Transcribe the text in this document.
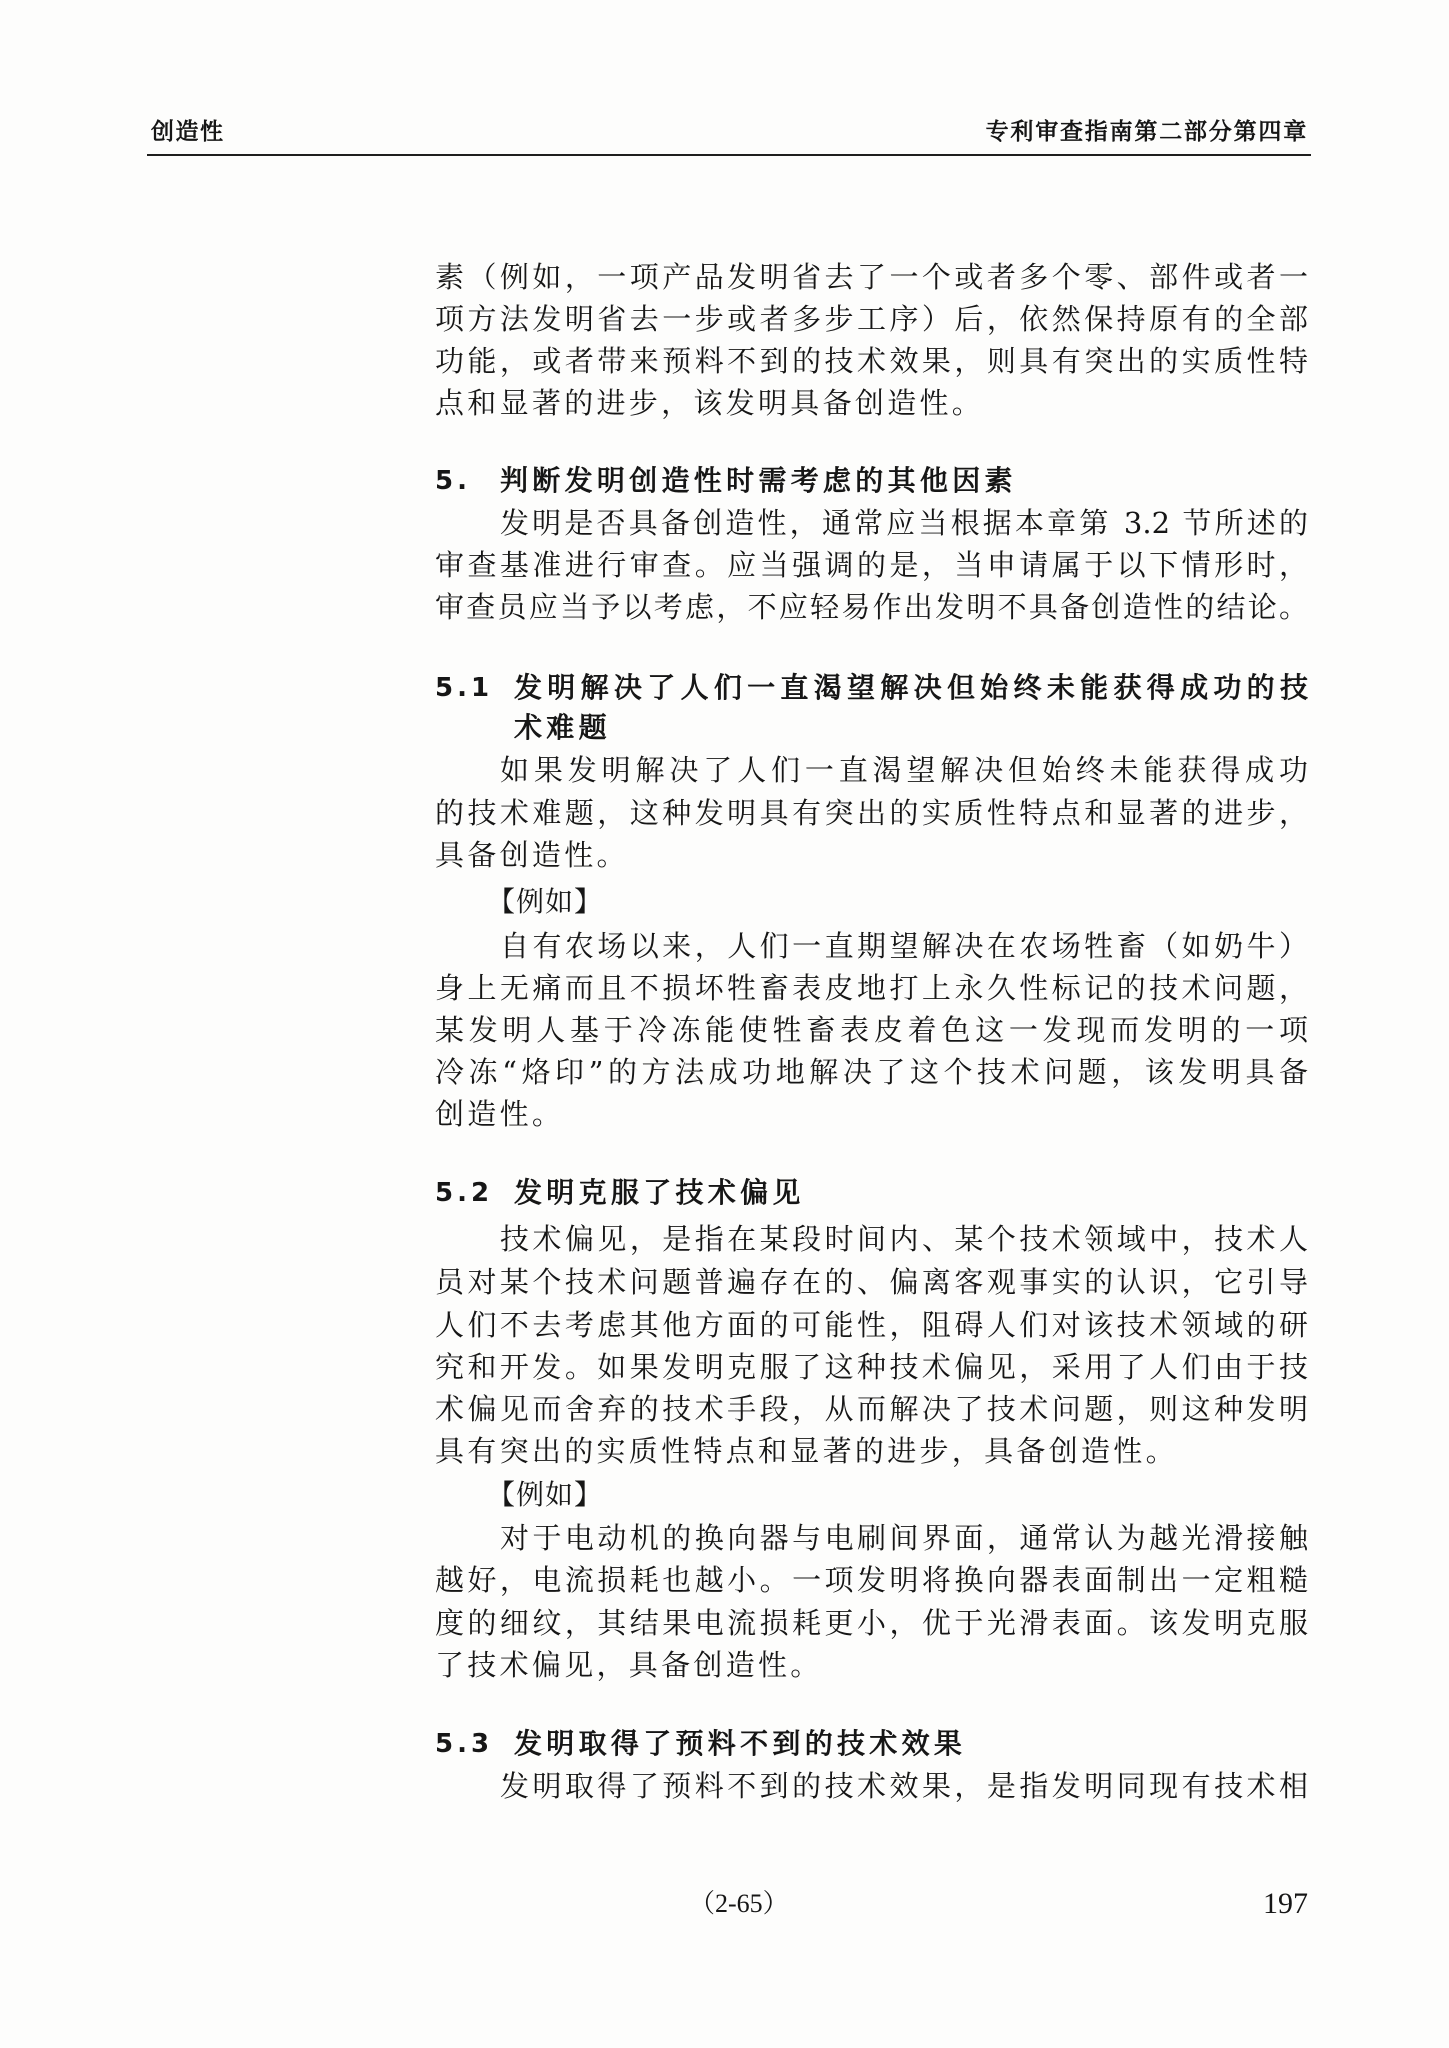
创造性	专利审查指南第二部分第四章
素（例如，一项产品发明省去了一个或者多个零、部件或者一
项方法发明省去一步或者多步工序）后，依然保持原有的全部
功能，或者带来预料不到的技术效果，则具有突出的实质性特
点和显著的进步，该发明具备创造性。
5. 判断发明创造性时需考虑的其他因素
发明是否具备创造性，通常应当根据本章第 3.2 节所述的
审查基准进行审查。应当强调的是，当申请属于以下情形时，
审查员应当予以考虑，不应轻易作出发明不具备创造性的结论。
5.1 发明解决了人们一直渴望解决但始终未能获得成功的技
术难题
如果发明解决了人们一直渴望解决但始终未能获得成功
的技术难题，这种发明具有突出的实质性特点和显著的进步，
具备创造性。
【例如】
自有农场以来，人们一直期望解决在农场牲畜（如奶牛）
身上无痛而且不损坏牲畜表皮地打上永久性标记的技术问题，
某发明人基于冷冻能使牲畜表皮着色这一发现而发明的一项
冷冻“烙印”的方法成功地解决了这个技术问题，该发明具备
创造性。
5.2 发明克服了技术偏见
技术偏见，是指在某段时间内、某个技术领域中，技术人
员对某个技术问题普遍存在的、偏离客观事实的认识，它引导
人们不去考虑其他方面的可能性，阻碍人们对该技术领域的研
究和开发。如果发明克服了这种技术偏见，采用了人们由于技
术偏见而舍弃的技术手段，从而解决了技术问题，则这种发明
具有突出的实质性特点和显著的进步，具备创造性。
【例如】
对于电动机的换向器与电刷间界面，通常认为越光滑接触
越好，电流损耗也越小。一项发明将换向器表面制出一定粗糙
度的细纹，其结果电流损耗更小，优于光滑表面。该发明克服
了技术偏见，具备创造性。
5.3 发明取得了预料不到的技术效果
发明取得了预料不到的技术效果，是指发明同现有技术相
（2-65）	197
